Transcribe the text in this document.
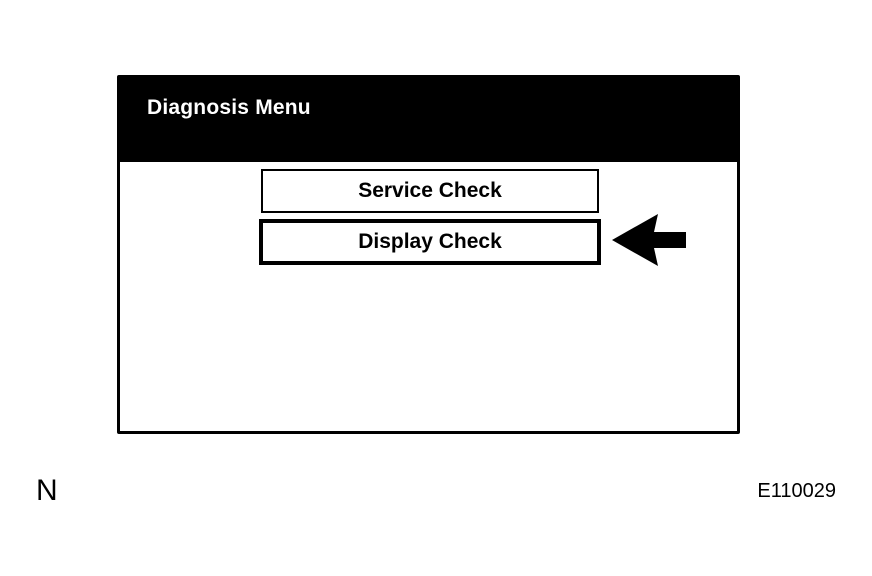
Diagnosis Menu
Service Check
Display Check
N	E110029
